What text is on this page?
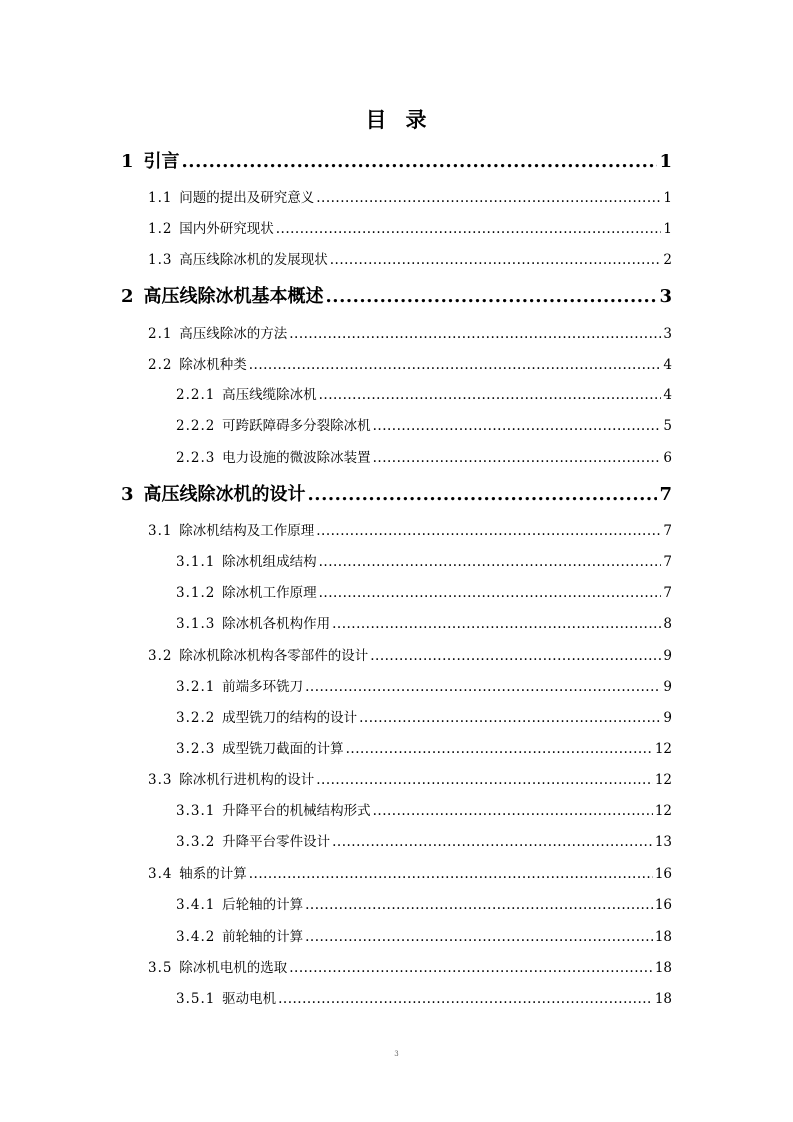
目 录
1  引言 .....	1
1.1  问题的提出及研究意义 .....	1
1.2  国内外研究现状 .....	1
1.3  高压线除冰机的发展现状 .....	2
2  高压线除冰机基本概述 .....	3
2.1  高压线除冰的方法 .....	3
2.2  除冰机种类 .....	4
2.2.1  高压线缆除冰机 .....	4
2.2.2  可跨跃障碍多分裂除冰机 .....	5
2.2.3  电力设施的微波除冰装置 .....	6
3  高压线除冰机的设计 .....	7
3.1  除冰机结构及工作原理 .....	7
3.1.1  除冰机组成结构 .....	7
3.1.2  除冰机工作原理 .....	7
3.1.3  除冰机各机构作用 .....	8
3.2  除冰机除冰机构各零部件的设计 .....	9
3.2.1  前端多环铣刀 .....	9
3.2.2  成型铣刀的结构的设计 .....	9
3.2.3  成型铣刀截面的计算 .....	12
3.3  除冰机行进机构的设计 .....	12
3.3.1  升降平台的机械结构形式 .....	12
3.3.2  升降平台零件设计 .....	13
3.4  轴系的计算 .....	16
3.4.1  后轮轴的计算 .....	16
3.4.2  前轮轴的计算 .....	18
3.5  除冰机电机的选取 .....	18
3.5.1  驱动电机 .....	18
3
